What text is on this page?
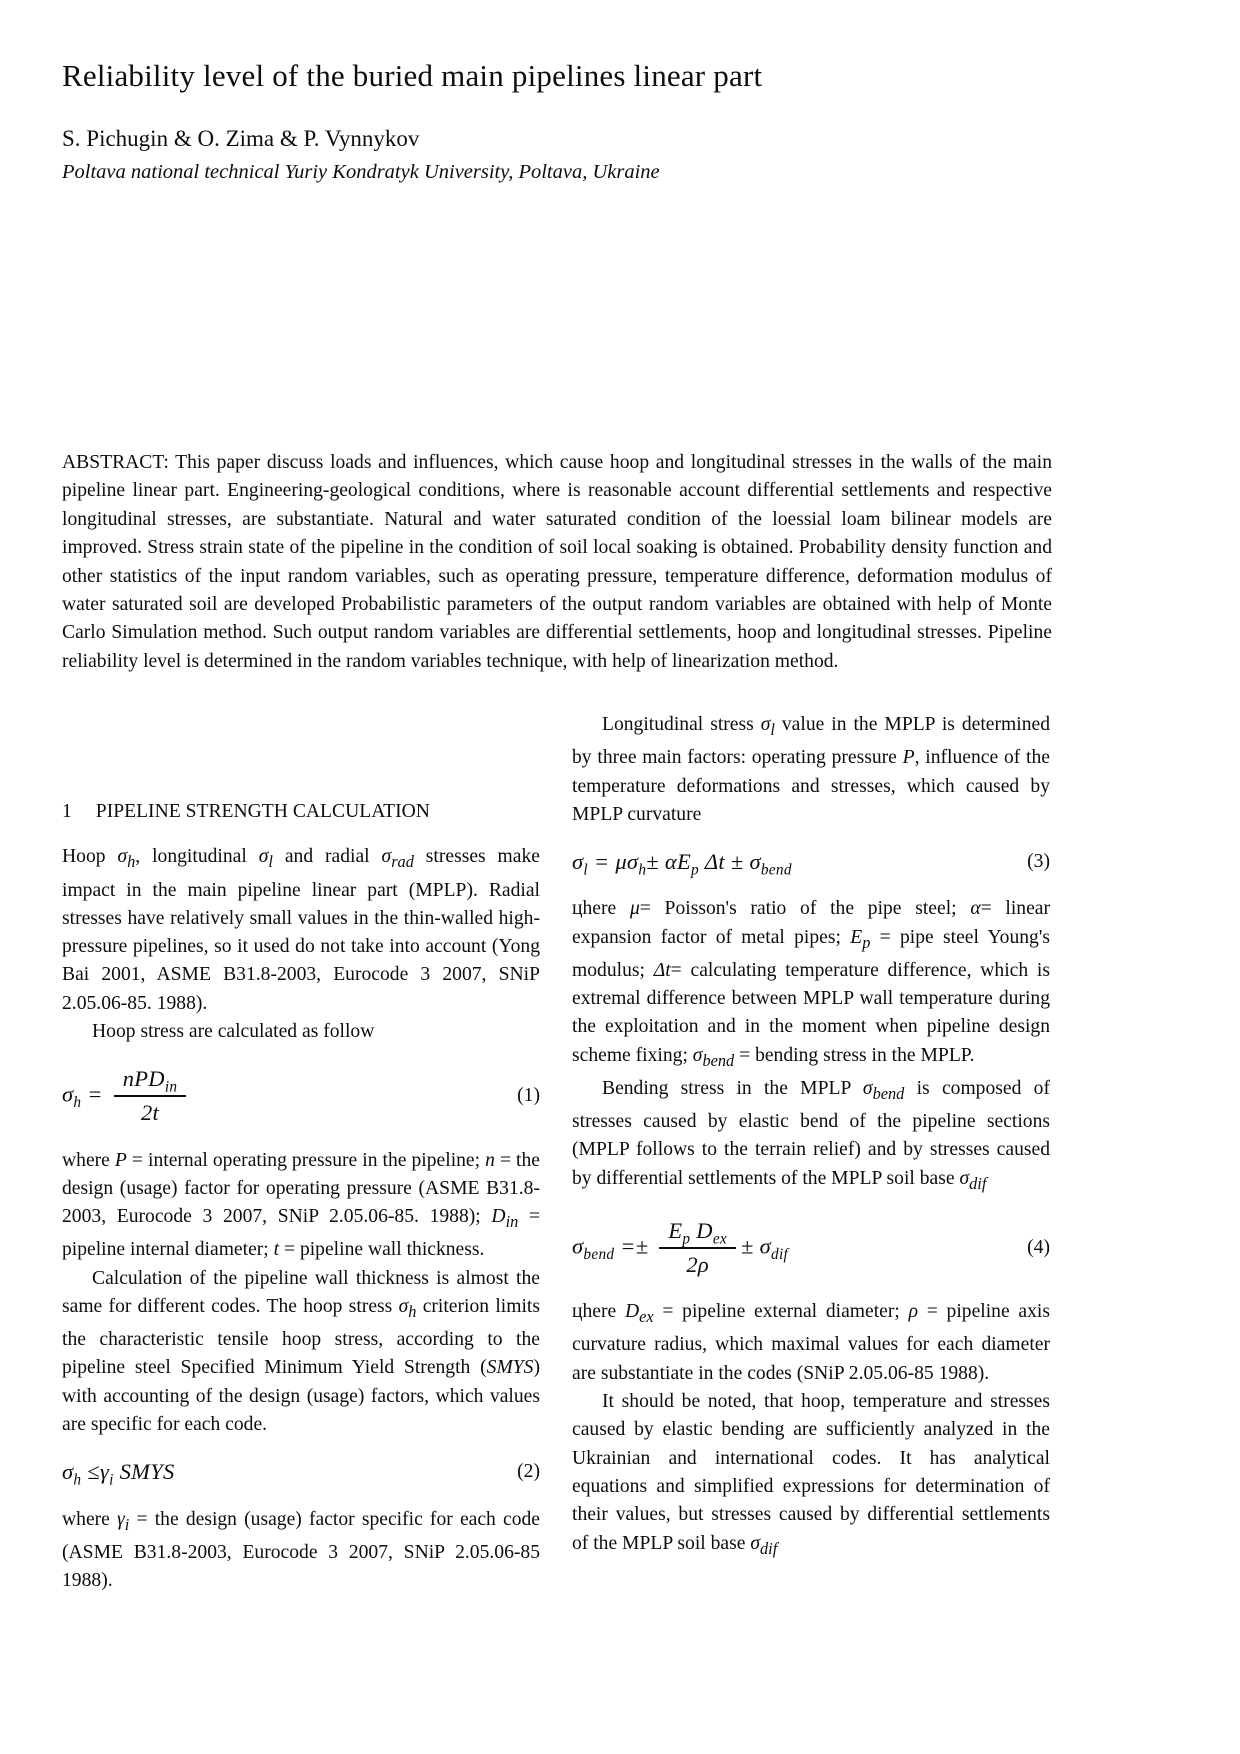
Reliability level of the buried main pipelines linear part
S. Pichugin & O. Zima & P. Vynnykov
Poltava national technical Yuriy Kondratyk University, Poltava, Ukraine

ABSTRACT: This paper discuss loads and influences, which cause hoop and longitudinal stresses in the walls of the main pipeline linear part. Engineering-geological conditions, where is reasonable account differential settlements and respective longitudinal stresses, are substantiate. Natural and water saturated condition of the loessial loam bilinear models are improved. Stress strain state of the pipeline in the condition of soil local soaking is obtained. Probability density function and other statistics of the input random variables, such as operating pressure, temperature difference, deformation modulus of water saturated soil are developed Probabilistic parameters of the output random variables are obtained with help of Monte Carlo Simulation method. Such output random variables are differential settlements, hoop and longitudinal stresses. Pipeline reliability level is determined in the random variables technique, with help of linearization method.

1 PIPELINE STRENGTH CALCULATION

Hoop $\sigma_h$, longitudinal $\sigma_l$ and radial $\sigma_{rad}$ stresses make impact in the main pipeline linear part (MPLP). Radial stresses have relatively small values in the thin-walled high-pressure pipelines, so it used do not take into account (Yong Bai 2001, ASME B31.8-2003, Eurocode 3 2007, SNiP 2.05.06-85. 1988).

Hoop stress are calculated as follow

$\sigma_h = \frac{nPD_{in}}{2t}$	(1)

where P = internal operating pressure in the pipeline; n = the design (usage) factor for operating pressure (ASME B31.8-2003, Eurocode 3 2007, SNiP 2.05.06-85. 1988); $D_{in}$ = pipeline internal diameter; t = pipeline wall thickness.

Calculation of the pipeline wall thickness is almost the same for different codes. The hoop stress $\sigma_h$ criterion limits the characteristic tensile hoop stress, according to the pipeline steel Specified Minimum Yield Strength (SMYS) with accounting of the design (usage) factors, which values are specific for each code.

$\sigma_h \le\gamma_i$ SMYS	(2)

where $\gamma_i$ = the design (usage) factor specific for each code (ASME B31.8-2003, Eurocode 3 2007, SNiP 2.05.06-85 1988).

Longitudinal stress $\sigma_l$ value in the MPLP is determined by three main factors: operating pressure P, influence of the temperature deformations and stresses, which caused by MPLP curvature

$\sigma_l = \mu\sigma_h\pm \alpha E_p$ $\Delta t \pm \sigma_{bend}$	(3)

цhere μ= Poisson's ratio of the pipe steel; α= linear expansion factor of metal pipes; $E_p$ = pipe steel Young's modulus; Δt= calculating temperature difference, which is extremal difference between MPLP wall temperature during the exploitation and in the moment when pipeline design scheme fixing; $\sigma_{bend}$ = bending stress in the MPLP.

Bending stress in the MPLP $\sigma_{bend}$ is composed of stresses caused by elastic bend of the pipeline sections (MPLP follows to the terrain relief) and by stresses caused by differential settlements of the MPLP soil base $\sigma_{dif}$

$\sigma_{bend} =\pm \frac{E_p D_{ex}}{2\rho} \pm \sigma_{dif}$	(4)

цhere $D_{ex}$ = pipeline external diameter; ρ = pipeline axis curvature radius, which maximal values for each diameter are substantiate in the codes (SNiP 2.05.06-85 1988).

It should be noted, that hoop, temperature and stresses caused by elastic bending are sufficiently analyzed in the Ukrainian and international codes. It has analytical equations and simplified expressions for determination of their values, but stresses caused by differential settlements of the MPLP soil base $\sigma_{dif}$
